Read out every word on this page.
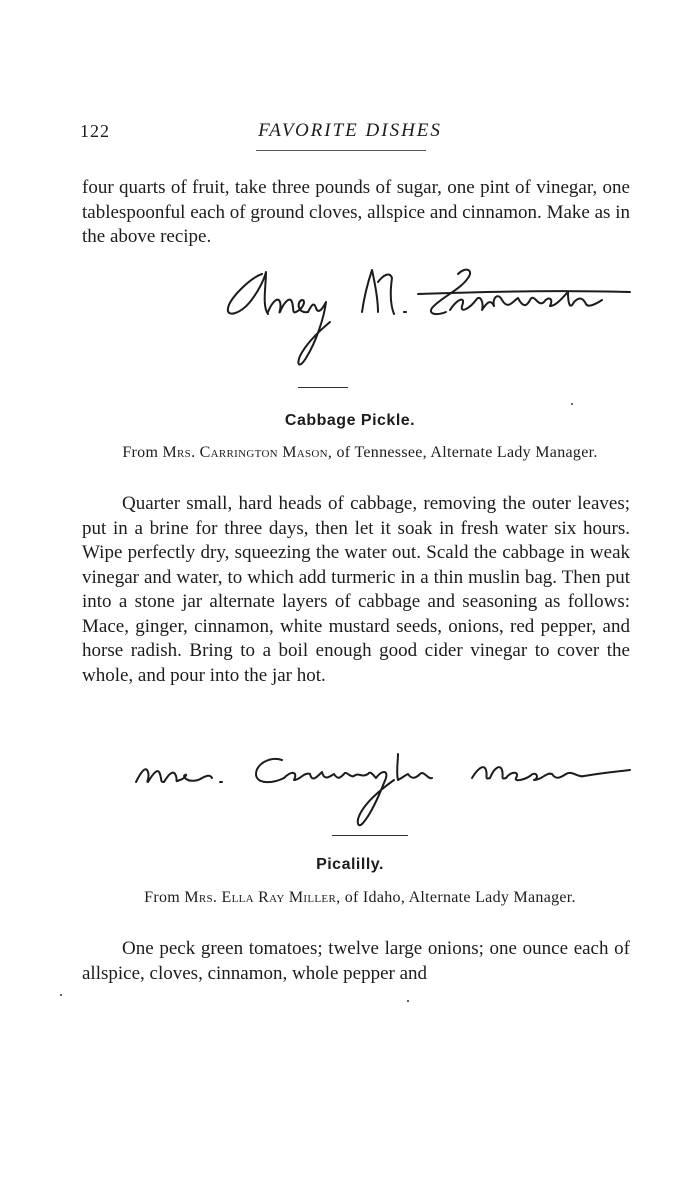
122	FAVORITE DISHES

four quarts of fruit, take three pounds of sugar, one pint of vinegar, one tablespoonful each of ground cloves, allspice and cinnamon. Make as in the above recipe.

Cabbage Pickle.

From Mrs. Carrington Mason, of Tennessee, Alternate Lady Manager.

Quarter small, hard heads of cabbage, removing the outer leaves; put in a brine for three days, then let it soak in fresh water six hours. Wipe perfectly dry, squeezing the water out. Scald the cabbage in weak vinegar and water, to which add turmeric in a thin muslin bag. Then put into a stone jar alternate layers of cabbage and seasoning as follows: Mace, ginger, cinnamon, white mustard seeds, onions, red pepper, and horse radish. Bring to a boil enough good cider vinegar to cover the whole, and pour into the jar hot.

Picalilly.

From Mrs. Ella Ray Miller, of Idaho, Alternate Lady Manager.

One peck green tomatoes; twelve large onions; one ounce each of allspice, cloves, cinnamon, whole pepper and
